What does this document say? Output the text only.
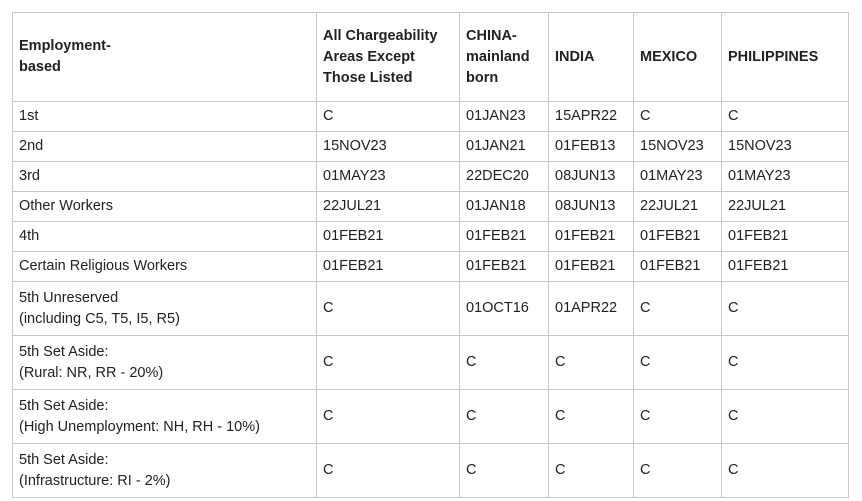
Employment-
based	All Chargeability
Areas Except
Those Listed	CHINA-
mainland
born	INDIA	MEXICO	PHILIPPINES
1st	C	01JAN23	15APR22	C	C
2nd	15NOV23	01JAN21	01FEB13	15NOV23	15NOV23
3rd	01MAY23	22DEC20	08JUN13	01MAY23	01MAY23
Other Workers	22JUL21	01JAN18	08JUN13	22JUL21	22JUL21
4th	01FEB21	01FEB21	01FEB21	01FEB21	01FEB21
Certain Religious Workers	01FEB21	01FEB21	01FEB21	01FEB21	01FEB21
5th Unreserved
(including C5, T5, I5, R5)	C	01OCT16	01APR22	C	C
5th Set Aside:
(Rural: NR, RR - 20%)	C	C	C	C	C
5th Set Aside:
(High Unemployment: NH, RH - 10%)	C	C	C	C	C
5th Set Aside:
(Infrastructure: RI - 2%)	C	C	C	C	C
